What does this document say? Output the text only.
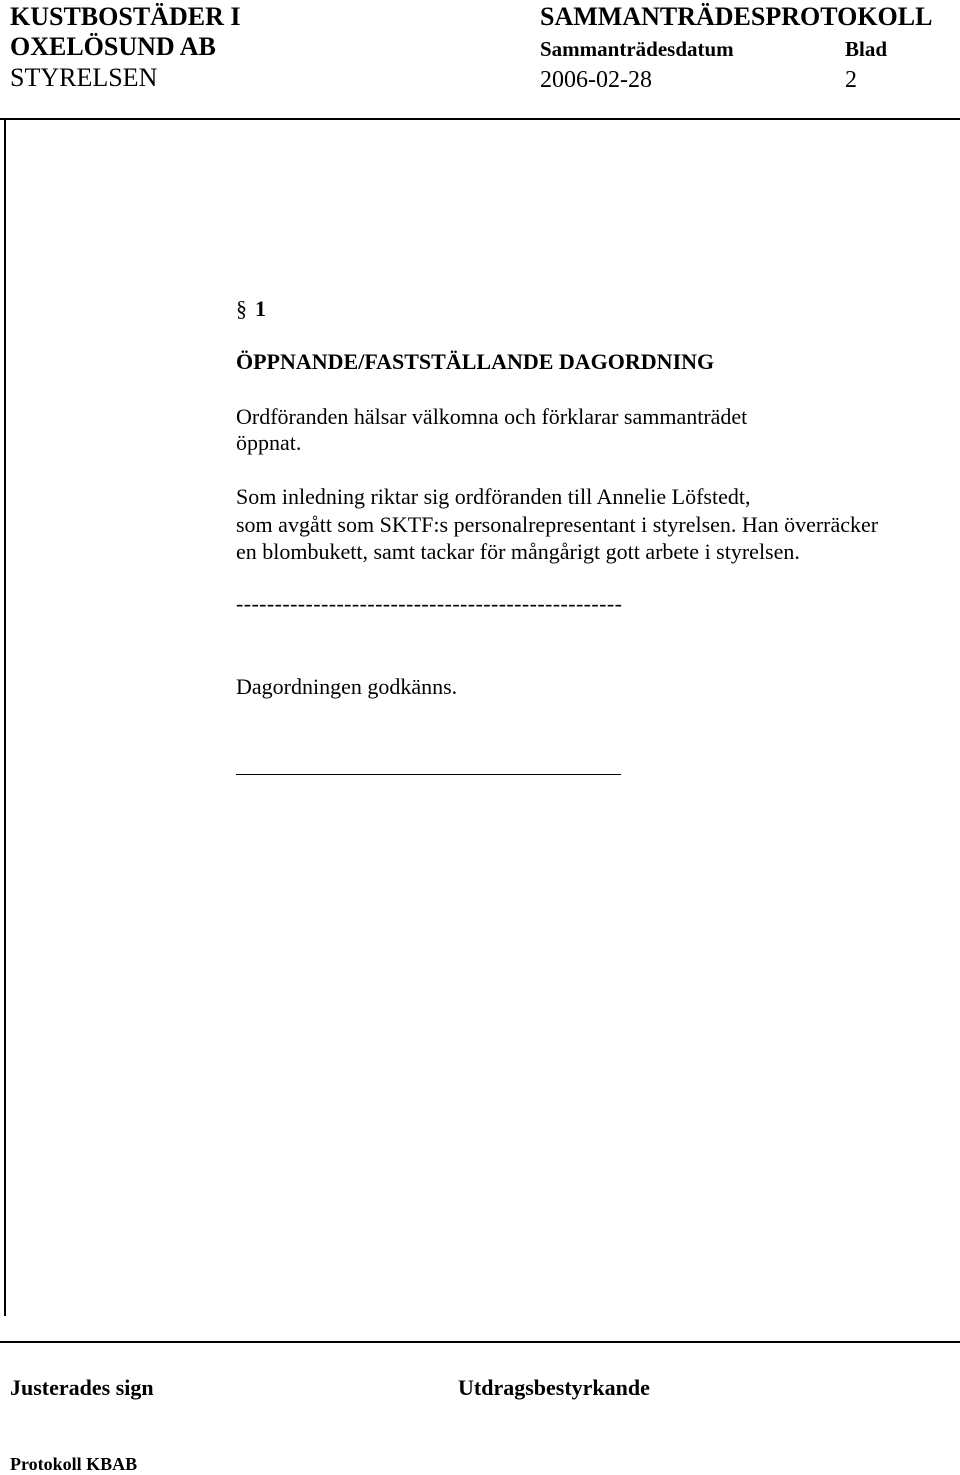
KUSTBOSTÄDER I
OXELÖSUND AB
STYRELSEN
SAMMANTRÄDESPROTOKOLL
Sammanträdesdatum	Blad
2006-02-28	2
§ 1
ÖPPNANDE/FASTSTÄLLANDE DAGORDNING
Ordföranden hälsar välkomna och förklarar sammanträdet
öppnat.
Som inledning riktar sig ordföranden till Annelie Löfstedt,
som avgått som SKTF:s personalrepresentant i styrelsen. Han överräcker
en blombukett, samt tackar för mångårigt gott arbete i styrelsen.
--------------------------------------------------
Dagordningen godkänns.
Justerades sign	Utdragsbestyrkande
Protokoll KBAB
